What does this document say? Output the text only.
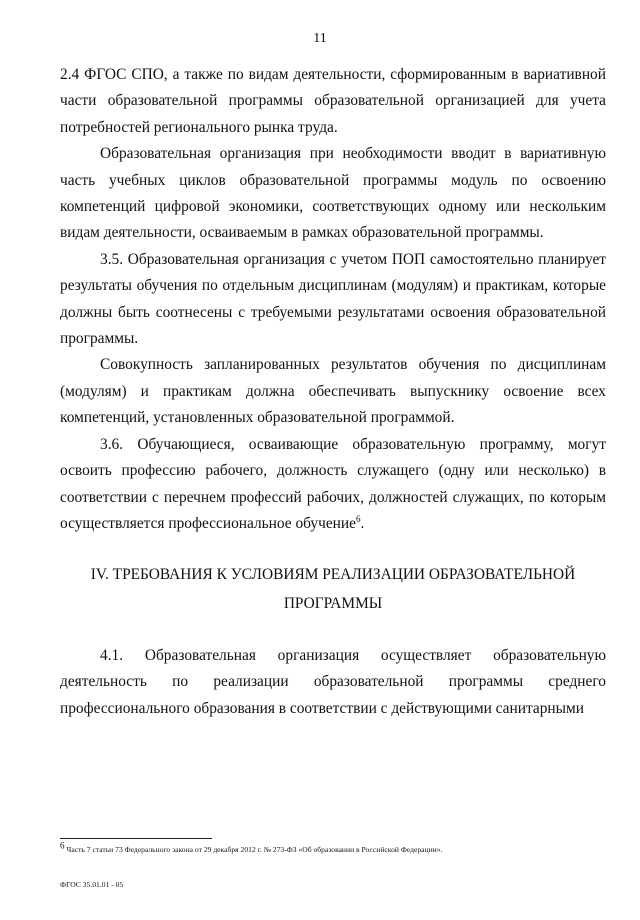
11

2.4 ФГОС СПО, а также по видам деятельности, сформированным в вариативной части образовательной программы образовательной организацией для учета потребностей регионального рынка труда.

Образовательная организация при необходимости вводит в вариативную часть учебных циклов образовательной программы модуль по освоению компетенций цифровой экономики, соответствующих одному или нескольким видам деятельности, осваиваемым в рамках образовательной программы.

3.5. Образовательная организация с учетом ПОП самостоятельно планирует результаты обучения по отдельным дисциплинам (модулям) и практикам, которые должны быть соотнесены с требуемыми результатами освоения образовательной программы.

Совокупность запланированных результатов обучения по дисциплинам (модулям) и практикам должна обеспечивать выпускнику освоение всех компетенций, установленных образовательной программой.

3.6. Обучающиеся, осваивающие образовательную программу, могут освоить профессию рабочего, должность служащего (одну или несколько) в соответствии с перечнем профессий рабочих, должностей служащих, по которым осуществляется профессиональное обучение$^6$.

IV. ТРЕБОВАНИЯ К УСЛОВИЯМ РЕАЛИЗАЦИИ ОБРАЗОВАТЕЛЬНОЙ
ПРОГРАММЫ

4.1. Образовательная организация осуществляет образовательную деятельность по реализации образовательной программы среднего профессионального образования в соответствии с действующими санитарными

$^6$ Часть 7 статьи 73 Федерального закона от 29 декабря 2012 г. № 273-ФЗ «Об образовании в Российской Федерации».
ФГОС 35.01.01 - 05
